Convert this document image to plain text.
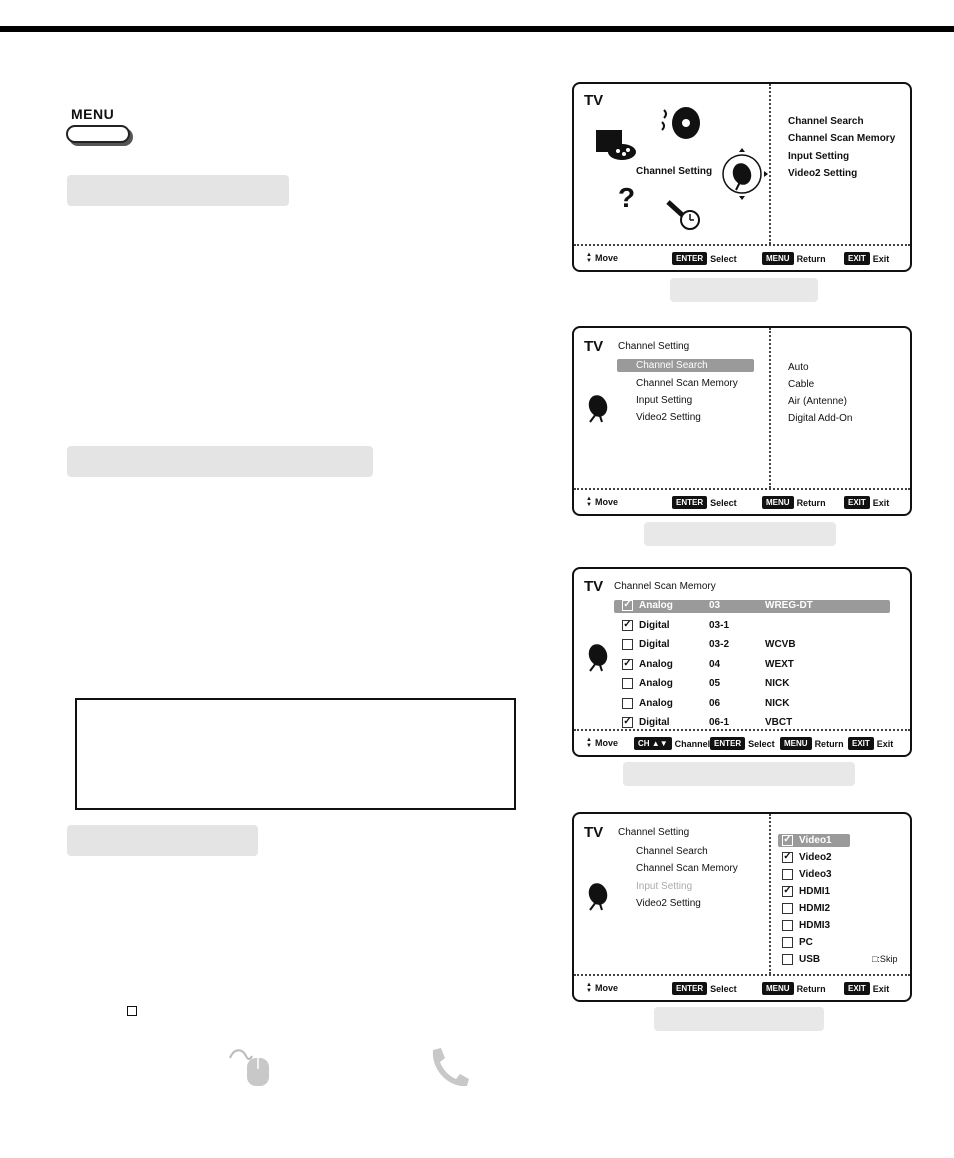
MENU
TV
Channel Setting
?
Channel Search
Channel Scan Memory
Input Setting
Video2 Setting
▲
▼ Move	ENTER Select	MENU Return	EXIT Exit
TV Channel Setting
Channel Search
Channel Scan Memory
Input Setting
Video2 Setting
Auto
Cable
Air (Antenne)
Digital Add-On
▲
▼ Move	ENTER Select	MENU Return	EXIT Exit
TV Channel Scan Memory
✓ Analog	03	WREG-DT
✓ Digital	03-1
Digital	03-2	WCVB
✓ Analog	04	WEXT
Analog	05	NICK
Analog	06	NICK
✓ Digital	06-1	VBCT
▲
▼ Move	CH ▲▼ Channel ENTER Select	MENU Return	EXIT Exit
TV Channel Setting
Channel Search
Channel Scan Memory
Input Setting
Video2 Setting
✓ Video1
✓ Video2
Video3
✓ HDMI1
HDMI2
HDMI3
PC
USB	□:Skip
▲
▼ Move	ENTER Select	MENU Return	EXIT Exit
